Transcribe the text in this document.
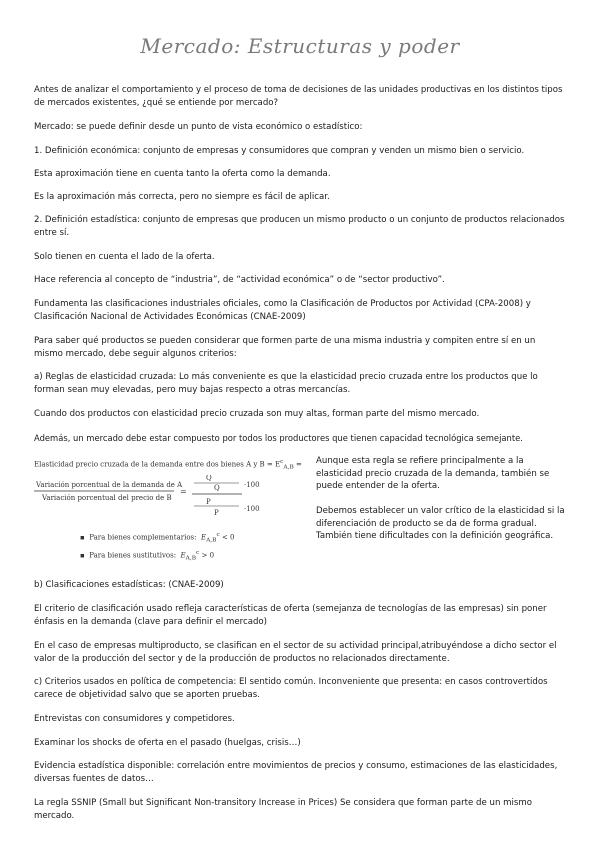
Mercado: Estructuras y poder

Antes de analizar el comportamiento y el proceso de toma de decisiones de las unidades productivas en los distintos tipos de mercados existentes, ¿qué se entiende por mercado?

Mercado: se puede definir desde un punto de vista económico o estadístico:

1. Definición económica: conjunto de empresas y consumidores que compran y venden un mismo bien o servicio.

Esta aproximación tiene en cuenta tanto la oferta como la demanda.

Es la aproximación más correcta, pero no siempre es fácil de aplicar.

2. Definición estadística: conjunto de empresas que producen un mismo producto o un conjunto de productos relacionados entre sí.

Solo tienen en cuenta el lado de la oferta.

Hace referencia al concepto de “industria”, de “actividad económica” o de “sector productivo”.

Fundamenta las clasificaciones industriales oficiales, como la Clasificación de Productos por Actividad (CPA-2008) y Clasificación Nacional de Actividades Económicas (CNAE-2009)

Para saber qué productos se pueden considerar que formen parte de una misma industria y compiten entre sí en un mismo mercado, debe seguir algunos criterios:

a) Reglas de elasticidad cruzada: Lo más conveniente es que la elasticidad precio cruzada entre los productos que lo forman sean muy elevadas, pero muy bajas respecto a otras mercancías.

Cuando dos productos con elasticidad precio cruzada son muy altas, forman parte del mismo mercado.

Además, un mercado debe estar compuesto por todos los productores que tienen capacidad tecnológica semejante.

Elasticidad precio cruzada de la demanda entre dos bienes A y $B = E^c_{A,B}$ =
Variación porcentual de la demanda de A
Variación porcentual del precio de B
=
Q
Q
P
P
·100
·100
▪  Para bienes complementarios: $E_{A,B}^c < 0$
▪  Para bienes sustitutivos: $E_{A,B}^c > 0$

Aunque esta regla se refiere principalmente a la elasticidad precio cruzada de la demanda, también se puede entender de la oferta.

Debemos establecer un valor crítico de la elasticidad si la diferenciación de producto se da de forma gradual. También tiene dificultades con la definición geográfica.

b) Clasificaciones estadísticas: (CNAE-2009)

El criterio de clasificación usado refleja características de oferta (semejanza de tecnologías de las empresas) sin poner énfasis en la demanda (clave para definir el mercado)

En el caso de empresas multiproducto, se clasifican en el sector de su actividad principal,atribuyéndose a dicho sector el valor de la producción del sector y de la producción de productos no relacionados directamente.

c) Criterios usados en política de competencia: El sentido común. Inconveniente que presenta: en casos controvertidos carece de objetividad salvo que se aporten pruebas.

Entrevistas con consumidores y competidores.

Examinar los shocks de oferta en el pasado (huelgas, crisis…)

Evidencia estadística disponible: correlación entre movimientos de precios y consumo, estimaciones de las elasticidades, diversas fuentes de datos…

La regla SSNIP (Small but Significant Non-transitory Increase in Prices) Se considera que forman parte de un mismo mercado.
